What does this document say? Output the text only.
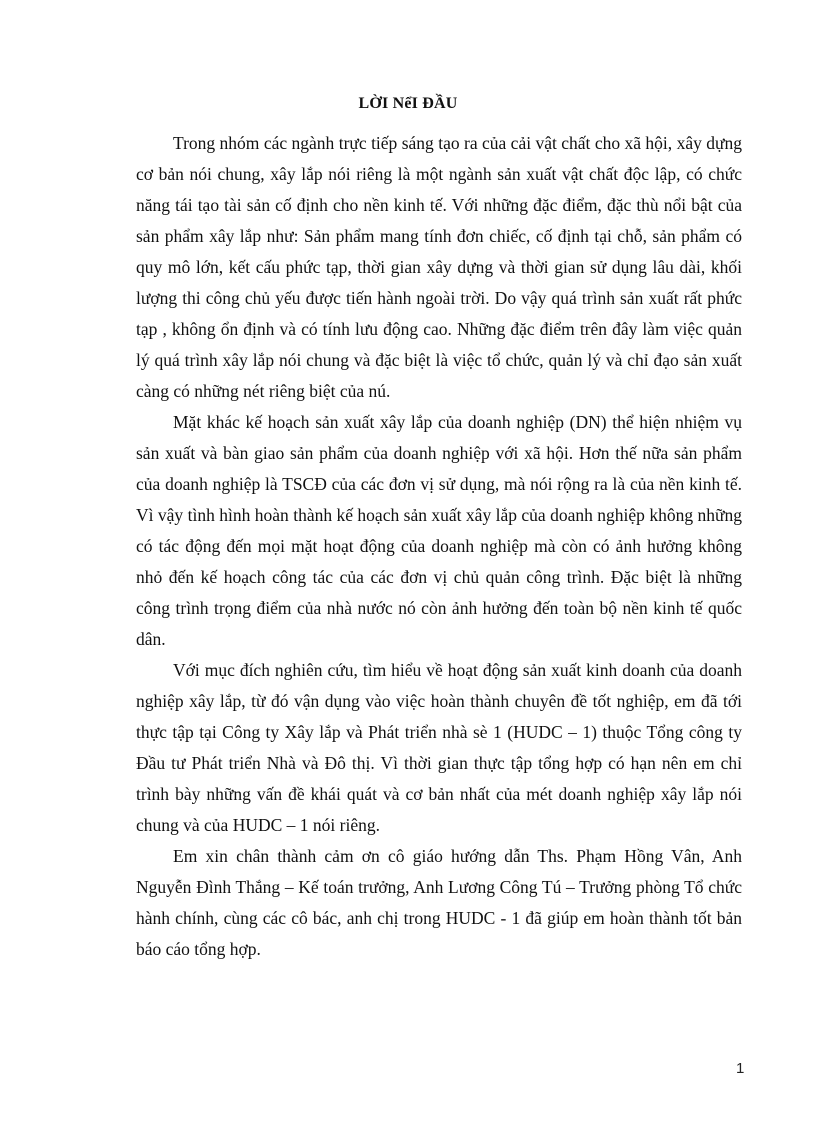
LỜI NểI ĐẦU

Trong nhóm các ngành trực tiếp sáng tạo ra của cải vật chất cho xã hội, xây dựng cơ bản nói chung, xây lắp nói riêng là một ngành sản xuất vật chất độc lập, có chức năng tái tạo tài sản cố định cho nền kinh tế. Với những đặc điểm, đặc thù nổi bật của sản phẩm xây lắp như: Sản phẩm mang tính đơn chiếc, cố định tại chỗ, sản phẩm có quy mô lớn, kết cấu phức tạp, thời gian xây dựng và thời gian sử dụng lâu dài, khối lượng thi công chủ yếu được tiến hành ngoài trời. Do vậy quá trình sản xuất rất phức tạp , không ổn định và có tính lưu động cao. Những đặc điểm trên đây làm việc quản lý quá trình xây lắp nói chung và đặc biệt là việc tổ chức, quản lý và chỉ đạo sản xuất càng có những nét riêng biệt của nú.

Mặt khác kế hoạch sản xuất xây lắp của doanh nghiệp (DN) thể hiện nhiệm vụ sản xuất và bàn giao sản phẩm của doanh nghiệp với xã hội. Hơn thế nữa sản phẩm của doanh nghiệp là TSCĐ của các đơn vị sử dụng, mà nói rộng ra là của nền kinh tế. Vì vậy tình hình hoàn thành kế hoạch sản xuất xây lắp của doanh nghiệp không những có tác động đến mọi mặt hoạt động của doanh nghiệp mà còn có ảnh hưởng không nhỏ đến kế hoạch công tác của các đơn vị chủ quản công trình. Đặc biệt là những công trình trọng điểm của nhà nước nó còn ảnh hưởng đến toàn bộ nền kinh tế quốc dân.

Với mục đích nghiên cứu, tìm hiểu về hoạt động sản xuất kinh doanh của doanh nghiệp xây lắp, từ đó vận dụng vào việc hoàn thành chuyên đề tốt nghiệp, em đã tới thực tập tại Công ty Xây lắp và Phát triển nhà sè 1 (HUDC – 1) thuộc Tổng công ty Đầu tư Phát triển Nhà và Đô thị. Vì thời gian thực tập tổng hợp có hạn nên em chỉ trình bày những vấn đề khái quát và cơ bản nhất của mét doanh nghiệp xây lắp nói chung và của HUDC – 1 nói riêng.

Em xin chân thành cảm ơn cô giáo hướng dẫn Ths. Phạm Hồng Vân, Anh Nguyễn Đình Thắng – Kế toán trưởng, Anh Lương Công Tú – Trưởng phòng Tổ chức hành chính, cùng các cô bác, anh chị trong HUDC - 1 đã giúp em hoàn thành tốt bản báo cáo tổng hợp.

1
